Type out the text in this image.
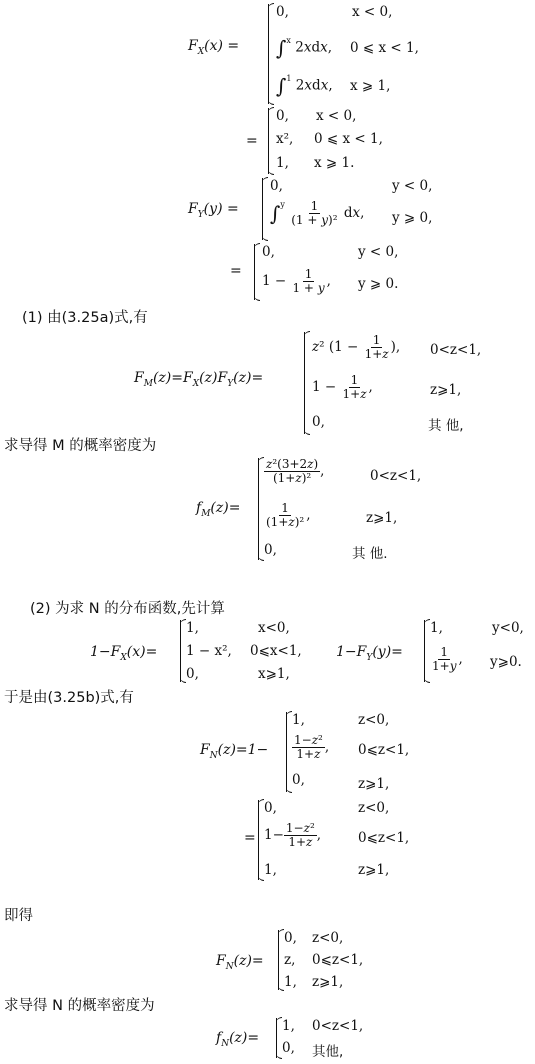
$F_X(x)$ =
0,	x < 0,
∫$^x$ 2xdx, 0 ⩽ x < 1,
∫$^1$ 2xdx, x ⩾ 1,
=
0, x < 0,
x², 0 ⩽ x < 1,
1, x ⩾ 1.
$F_Y(y)$ =
0,	y < 0,
$\int^y \frac{1}{\text{(1 + y)²}}$ dx, y ⩾ 0,
=
0,	y < 0,
$1 - \frac{1}{1 + y}$ , y ⩾ 0.
(1) 由(3.25a)式,有
$F_M(z)=F_X(z)F_Y(z)=$
z² ($1 - \frac{1}{1+z}$ ), 0<z<1,
$1 - \frac{1}{1+z}$ ,	z⩾1,
0,	其 他,
求导得 M 的概率密度为
$f_M(z)=$
$\frac{\text{z²(3+2z)}}{\text{(1+z)²}}$ ,	0<z<1,
$\frac{1}{\text{(1+z)²}}$ ,	z⩾1,
0,	其 他.
(2) 为求 N 的分布函数,先计算
$1-F_X(x)=$
1,	x<0,
1 − x², 0⩽x<1,
0,	x⩾1,
$1-F_Y(y)=$
1,	y<0,
$\frac{1}{1+y}$ , y⩾0.
于是由(3.25b)式,有
$F_N(z)=1-$
1,	z<0,
$\frac{\text{1−z²}}{1+z}$ , 0⩽z<1,
0,	z⩾1,
=
0,	z<0,
$1- \frac{\text{1−z²}}{1+z}$ ,	0⩽z<1,
1,	z⩾1,
即得
$F_N(z)=$
0, z<0,
z, 0⩽z<1,
1, z⩾1,
求导得 N 的概率密度为
$f_N(z)=$
1, 0<z<1,
0, 其他,
